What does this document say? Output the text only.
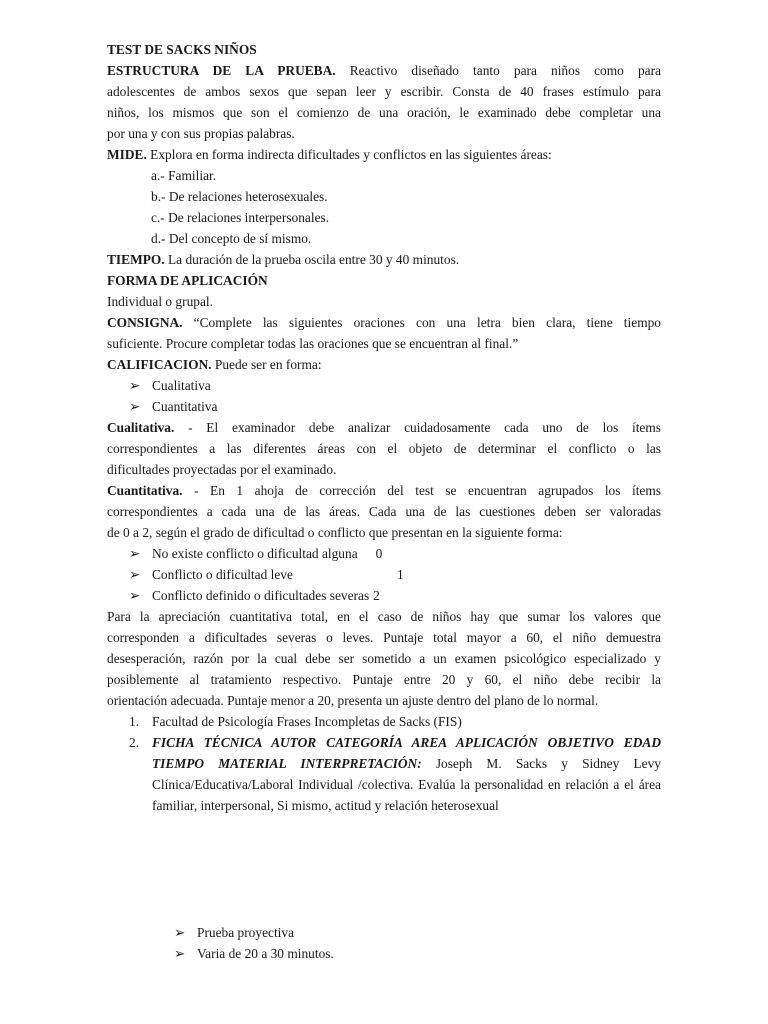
TEST DE SACKS NIÑOS

ESTRUCTURA DE LA PRUEBA. Reactivo diseñado tanto para niños como para

adolescentes de ambos sexos que sepan leer y escribir. Consta de 40 frases estímulo para

niños, los mismos que son el comienzo de una oración, le examinado debe completar una

por una y con sus propias palabras.

MIDE. Explora en forma indirecta dificultades y conflictos en las siguientes áreas:

a.- Familiar.

b.- De relaciones heterosexuales.

c.- De relaciones interpersonales.

d.- Del concepto de sí mismo.

TIEMPO. La duración de la prueba oscila entre 30 y 40 minutos.

FORMA DE APLICACIÓN

Individual o grupal.

CONSIGNA. “Complete las siguientes oraciones con una letra bien clara, tiene tiempo

suficiente. Procure completar todas las oraciones que se encuentran al final.”

CALIFICACION. Puede ser en forma:

➢ Cualitativa
➢ Cuantitativa

Cualitativa. - El examinador debe analizar cuidadosamente cada uno de los ítems

correspondientes a las diferentes áreas con el objeto de determinar el conflicto o las

dificultades proyectadas por el examinado.

Cuantitativa. - En 1 ahoja de corrección del test se encuentran agrupados los ítems

correspondientes a cada una de las áreas. Cada una de las cuestiones deben ser valoradas

de 0 a 2, según el grado de dificultad o conflicto que presentan en la siguiente forma:

➢ No existe conflicto o dificultad alguna 0
➢ Conflicto o dificultad leve	1
➢ Conflicto definido o dificultades severas 2

Para la apreciación cuantitativa total, en el caso de niños hay que sumar los valores que

corresponden a dificultades severas o leves. Puntaje total mayor a 60, el niño demuestra

desesperación, razón por la cual debe ser sometido a un examen psicológico especializado y

posiblemente al tratamiento respectivo. Puntaje entre 20 y 60, el niño debe recibir la

orientación adecuada. Puntaje menor a 20, presenta un ajuste dentro del plano de lo normal.

1. Facultad de Psicología Frases Incompletas de Sacks (FIS)
2. FICHA TÉCNICA AUTOR CATEGORÍA AREA APLICACIÓN OBJETIVO EDAD TIEMPO MATERIAL INTERPRETACIÓN: Joseph M. Sacks y Sidney Levy Clínica/Educativa/Laboral Individual /colectiva. Evalúa la personalidad en relación a el área familiar, interpersonal, Si mismo, actitud y relación heterosexual
➢ Prueba proyectiva
➢ Varia de 20 a 30 minutos.
